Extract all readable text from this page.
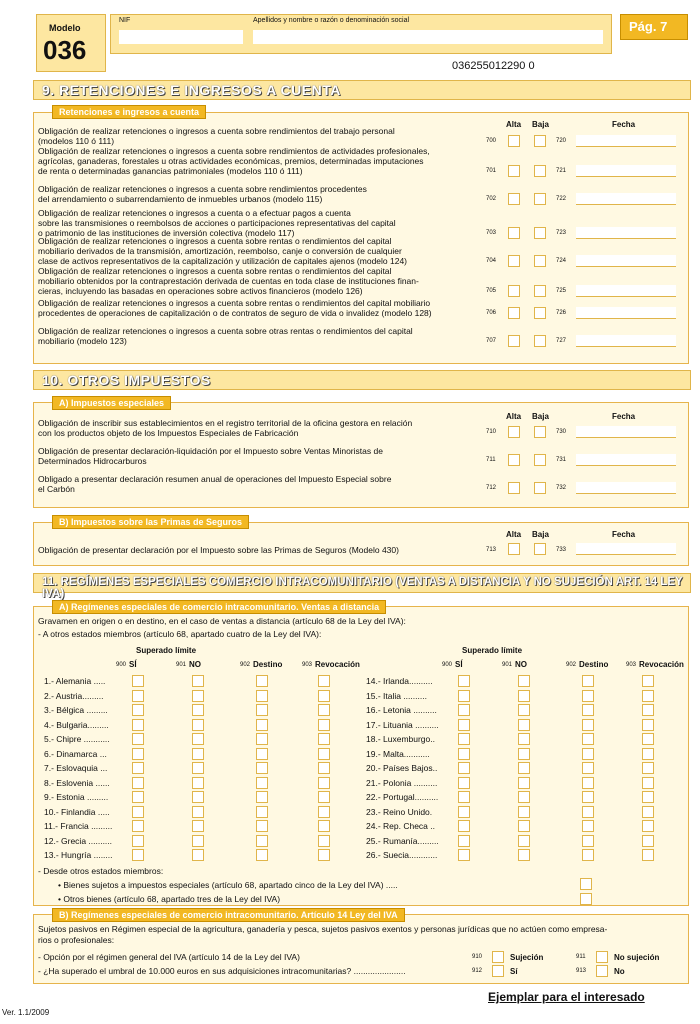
Modelo
036
NIF	Apellidos y nombre o razón o denominación social	Pág. 7
036255012290 0
9. RETENCIONES E INGRESOS A CUENTA
Retenciones e ingresos a cuenta
Alta Baja	Fecha
Obligación de realizar retenciones o ingresos a cuenta sobre rendimientos del trabajo personal
(modelos 110 ó 111)	700	720
Obligación de realizar retenciones o ingresos a cuenta sobre rendimientos de actividades profesionales,
agrícolas, ganaderas, forestales u otras actividades económicas, premios, determinadas imputaciones
de renta o determinadas ganancias patrimoniales (modelos 110 ó 111)	701	721
Obligación de realizar retenciones o ingresos a cuenta sobre rendimientos procedentes
del arrendamiento o subarrendamiento de inmuebles urbanos (modelo 115)	702	722
Obligación de realizar retenciones o ingresos a cuenta o a efectuar pagos a cuenta
sobre las transmisiones o reembolsos de acciones o participaciones representativas del capital
o patrimonio de las instituciones de inversión colectiva (modelo 117)	703	723
Obligación de realizar retenciones o ingresos a cuenta sobre rentas o rendimientos del capital
mobiliario derivados de la transmisión, amortización, reembolso, canje o conversión de cualquier
clase de activos representativos de la capitalización y utilización de capitales ajenos (modelo 124)	704	724
Obligación de realizar retenciones o ingresos a cuenta sobre rentas o rendimientos del capital
mobiliario obtenidos por la contraprestación derivada de cuentas en toda clase de instituciones finan-
cieras, incluyendo las basadas en operaciones sobre activos financieros (modelo 126)	705	725
Obligación de realizar retenciones o ingresos a cuenta sobre rentas o rendimientos del capital mobiliario
procedentes de operaciones de capitalización o de contratos de seguro de vida o invalidez (modelo 128)	706	726
Obligación de realizar retenciones o ingresos a cuenta sobre otras rentas o rendimientos del capital
mobiliario (modelo 123)	707	727
10. OTROS IMPUESTOS
A) Impuestos especiales
Alta Baja	Fecha
Obligación de inscribir sus establecimientos en el registro territorial de la oficina gestora en relación
con los productos objeto de los Impuestos Especiales de Fabricación	710	730
Obligación de presentar declaración-liquidación por el Impuesto sobre Ventas Minoristas de
Determinados Hidrocarburos	711	731
Obligado a presentar declaración resumen anual de operaciones del Impuesto Especial sobre
el Carbón	712	732
B) Impuestos sobre las Primas de Seguros
Alta Baja	Fecha
Obligación de presentar declaración por el Impuesto sobre las Primas de Seguros (Modelo 430)	713	733
11. REGÍMENES ESPECIALES COMERCIO INTRACOMUNITARIO (VENTAS A DISTANCIA Y NO SUJECIÓN ART. 14 LEY IVA)
A) Regímenes especiales de comercio intracomunitario. Ventas a distancia
Gravamen en origen o en destino, en el caso de ventas a distancia (artículo 68 de la Ley del IVA):
- A otros estados miembros (artículo 68, apartado cuatro de la Ley del IVA):
Superado límite	Superado límite
900 SÍ	901 NO	902 Destino	903 Revocación	900 SÍ	901 NO	902 Destino	903 Revocación
1.- Alemania .....	14.- Irlanda..........
2.- Austria.........	15.- Italia ..........
3.- Bélgica .........	16.- Letonia ..........
4.- Bulgaria.........	17.- Lituania ..........
5.- Chipre ...........	18.- Luxemburgo..
6.- Dinamarca ...	19.- Malta...........
7.- Eslovaquia ...	20.- Países Bajos..
8.- Eslovenia ......	21.- Polonia ..........
9.- Estonia .........	22.- Portugal..........
10.- Finlandia .....	23.- Reino Unido.
11.- Francia .........	24.- Rep. Checa ..
12.- Grecia ..........	25.- Rumanía.........
13.- Hungría ........	26.- Suecia............
- Desde otros estados miembros:
• Bienes sujetos a impuestos especiales (artículo 68, apartado cinco de la Ley del IVA) .....
• Otros bienes (artículo 68, apartado tres de la Ley del IVA)
B) Regímenes especiales de comercio intracomunitario. Artículo 14 Ley del IVA
Sujetos pasivos en Régimen especial de la agricultura, ganadería y pesca, sujetos pasivos exentos y personas jurídicas que no actúen como empresa-
rios o profesionales:
- Opción por el régimen general del IVA (artículo 14 de la Ley del IVA)
- ¿Ha superado el umbral de 10.000 euros en sus adquisiciones intracomunitarias? ......................
910	Sujeción	911	No sujeción
912	Sí	913	No
Ver. 1.1/2009
Ejemplar para el interesado
